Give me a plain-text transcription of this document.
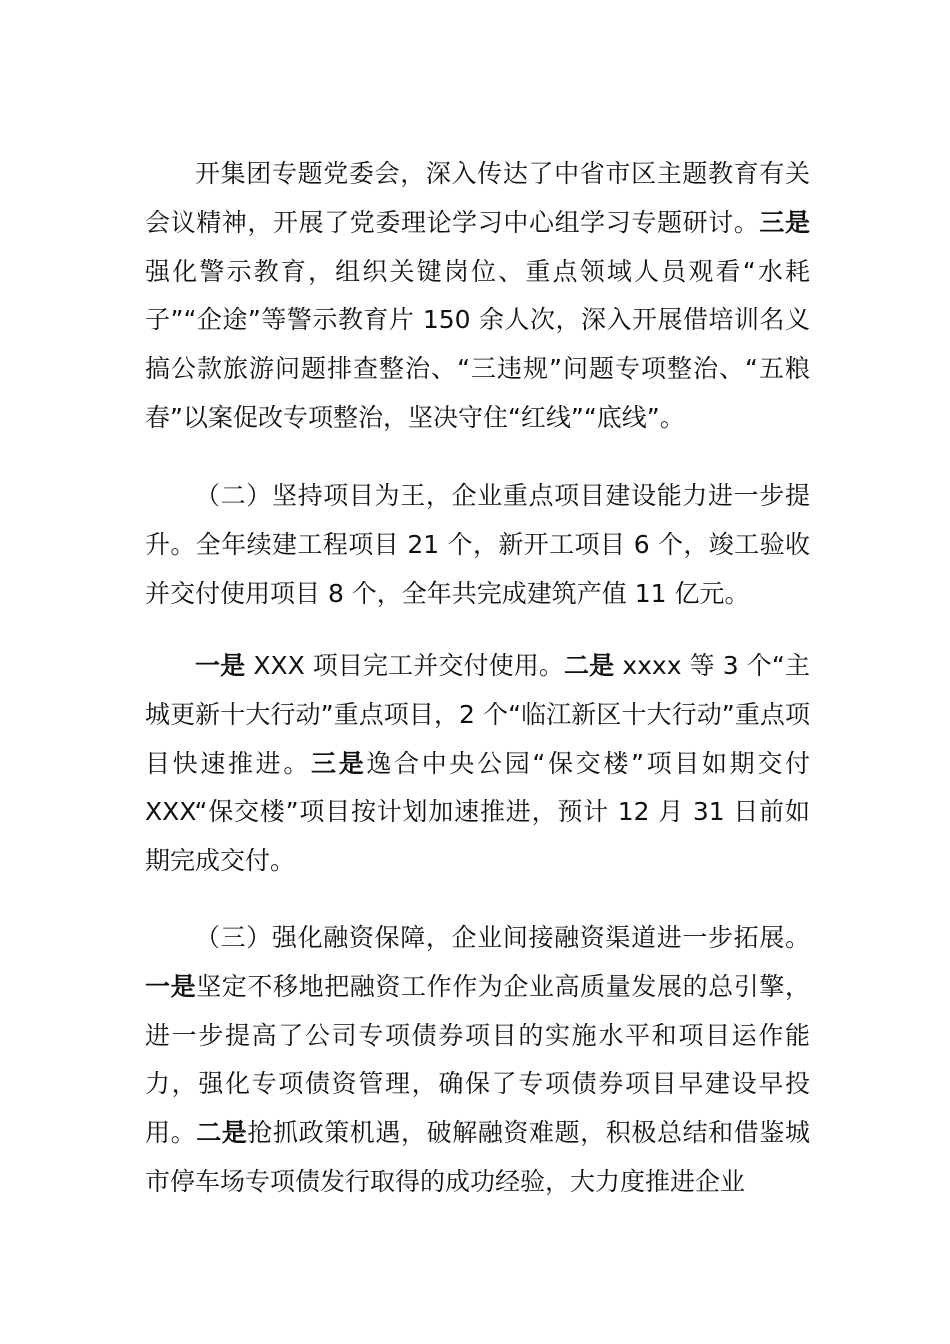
开集团专题党委会，深入传达了中省市区主题教育有关会议精神，开展了党委理论学习中心组学习专题研讨。三是强化警示教育，组织关键岗位、重点领域人员观看“水耗子”“企途”等警示教育片 150 余人次，深入开展借培训名义搞公款旅游问题排查整治、“三违规”问题专项整治、“五粮春”以案促改专项整治，坚决守住“红线”“底线”。

（二）坚持项目为王，企业重点项目建设能力进一步提升。全年续建工程项目 21 个，新开工项目 6 个，竣工验收并交付使用项目 8 个，全年共完成建筑产值 11 亿元。

一是 XXX 项目完工并交付使用。二是 xxxx 等 3 个“主城更新十大行动”重点项目，2 个“临江新区十大行动”重点项目快速推进。三是逸合中央公园“保交楼”项目如期交付 XXX“保交楼”项目按计划加速推进，预计 12 月 31 日前如期完成交付。

（三）强化融资保障，企业间接融资渠道进一步拓展。一是坚定不移地把融资工作作为企业高质量发展的总引擎，进一步提高了公司专项债券项目的实施水平和项目运作能力，强化专项债资管理，确保了专项债券项目早建设早投用。二是抢抓政策机遇，破解融资难题，积极总结和借鉴城市停车场专项债发行取得的成功经验，大力度推进企业
